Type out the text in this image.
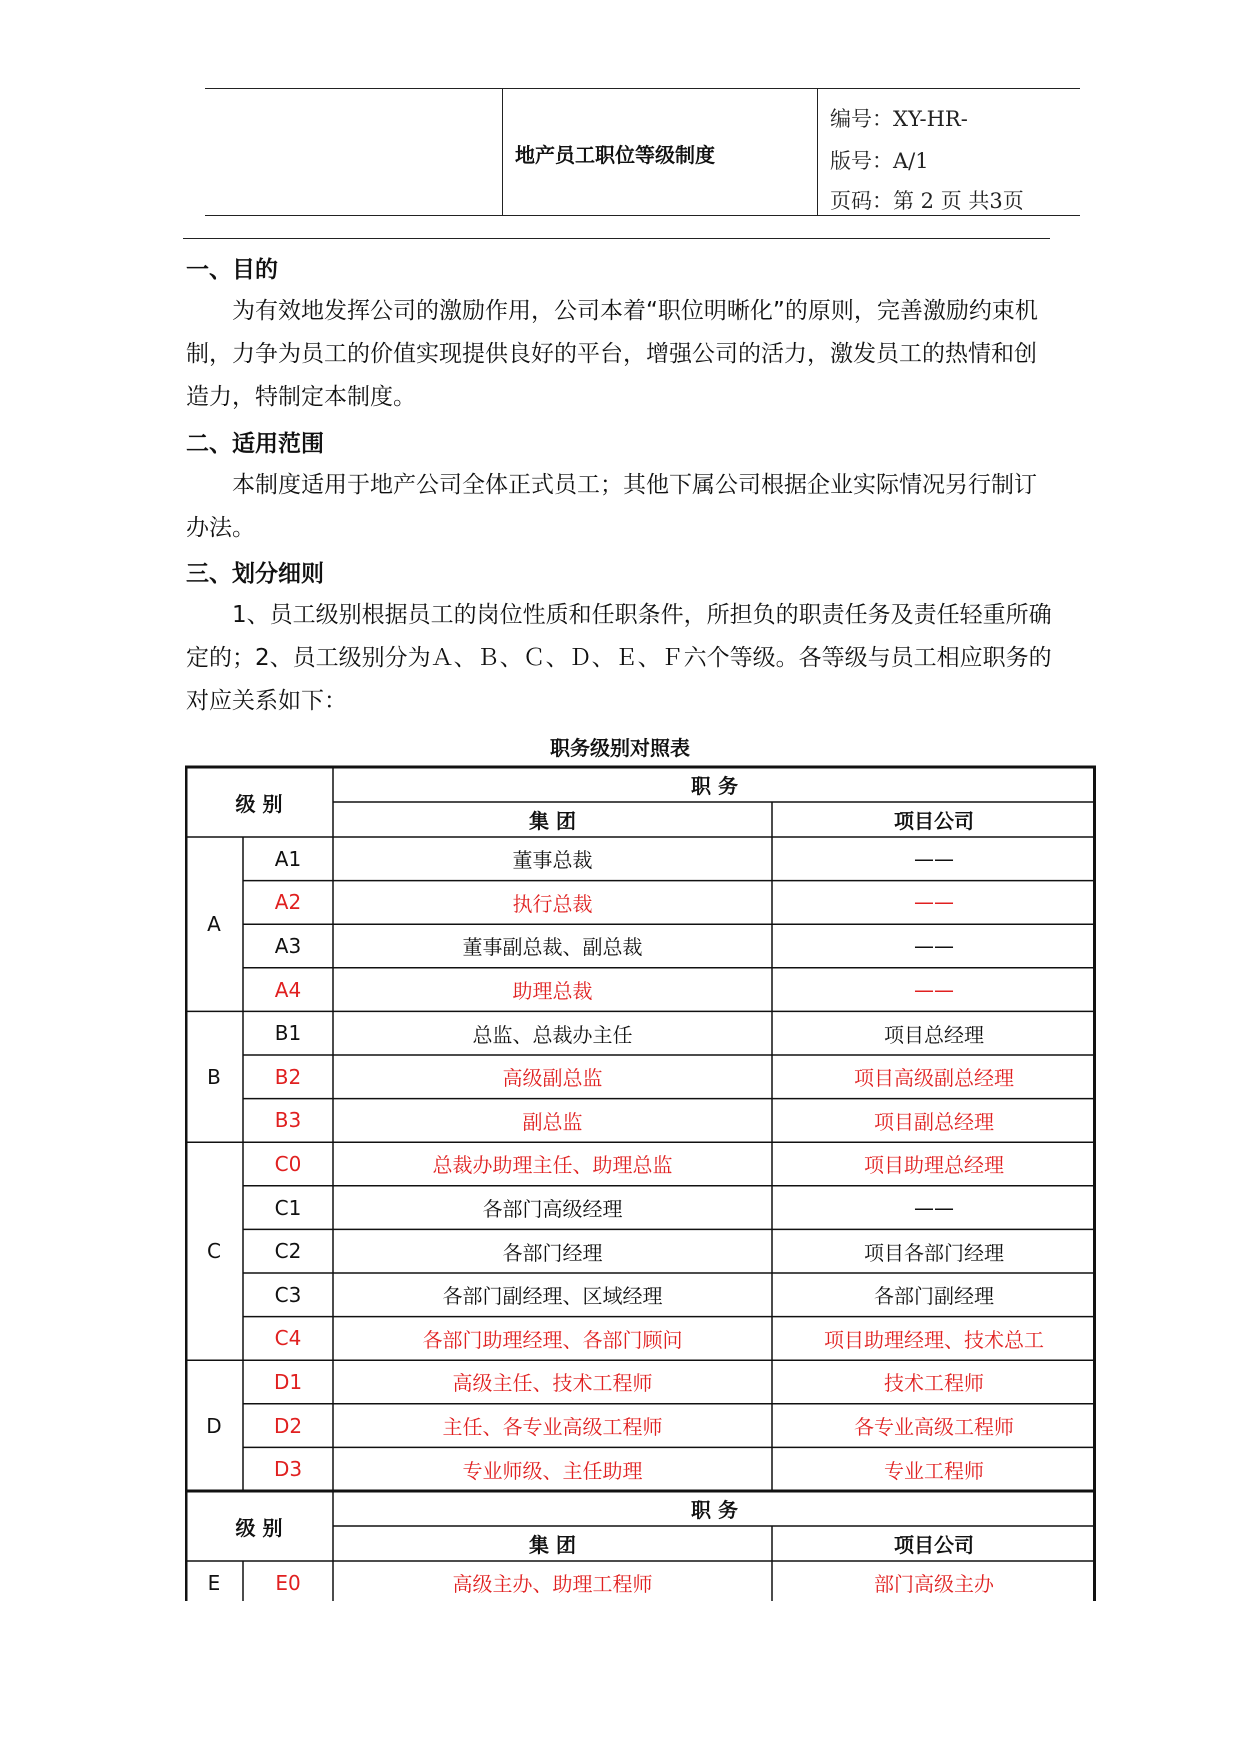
地产员工职位等级制度
编号：XY-HR-
版号：A/1
页码：第 2 页 共3页
一、目的
为有效地发挥公司的激励作用，公司本着“职位明晰化”的原则，完善激励约束机制，力争为员工的价值实现提供良好的平台，增强公司的活力，激发员工的热情和创造力，特制定本制度。
二、适用范围
本制度适用于地产公司全体正式员工；其他下属公司根据企业实际情况另行制订办法。
三、划分细则
1、员工级别根据员工的岗位性质和任职条件，所担负的职责任务及责任轻重所确定的；2、员工级别分为Ａ、Ｂ、Ｃ、Ｄ、Ｅ、Ｆ六个等级。各等级与员工相应职务的对应关系如下：
职务级别对照表
级 别
职 务
集 团	项目公司
A1	董事总裁	——
A2	执行总裁	——
A3	董事副总裁、副总裁	——
A4	助理总裁	——
A
B1	总监、总裁办主任	项目总经理
B2	高级副总监	项目高级副总经理
B3	副总监	项目副总经理
B
C0	总裁办助理主任、助理总监	项目助理总经理
C1	各部门高级经理	——
C2	各部门经理	项目各部门经理
C3	各部门副经理、区域经理	各部门副经理
C4	各部门助理经理、各部门顾问	项目助理经理、技术总工
C
D1	高级主任、技术工程师	技术工程师
D2	主任、各专业高级工程师	各专业高级工程师
D3	专业师级、主任助理	专业工程师
D
级 别
职 务
集 团	项目公司
E0	高级主办、助理工程师	部门高级主办
E
